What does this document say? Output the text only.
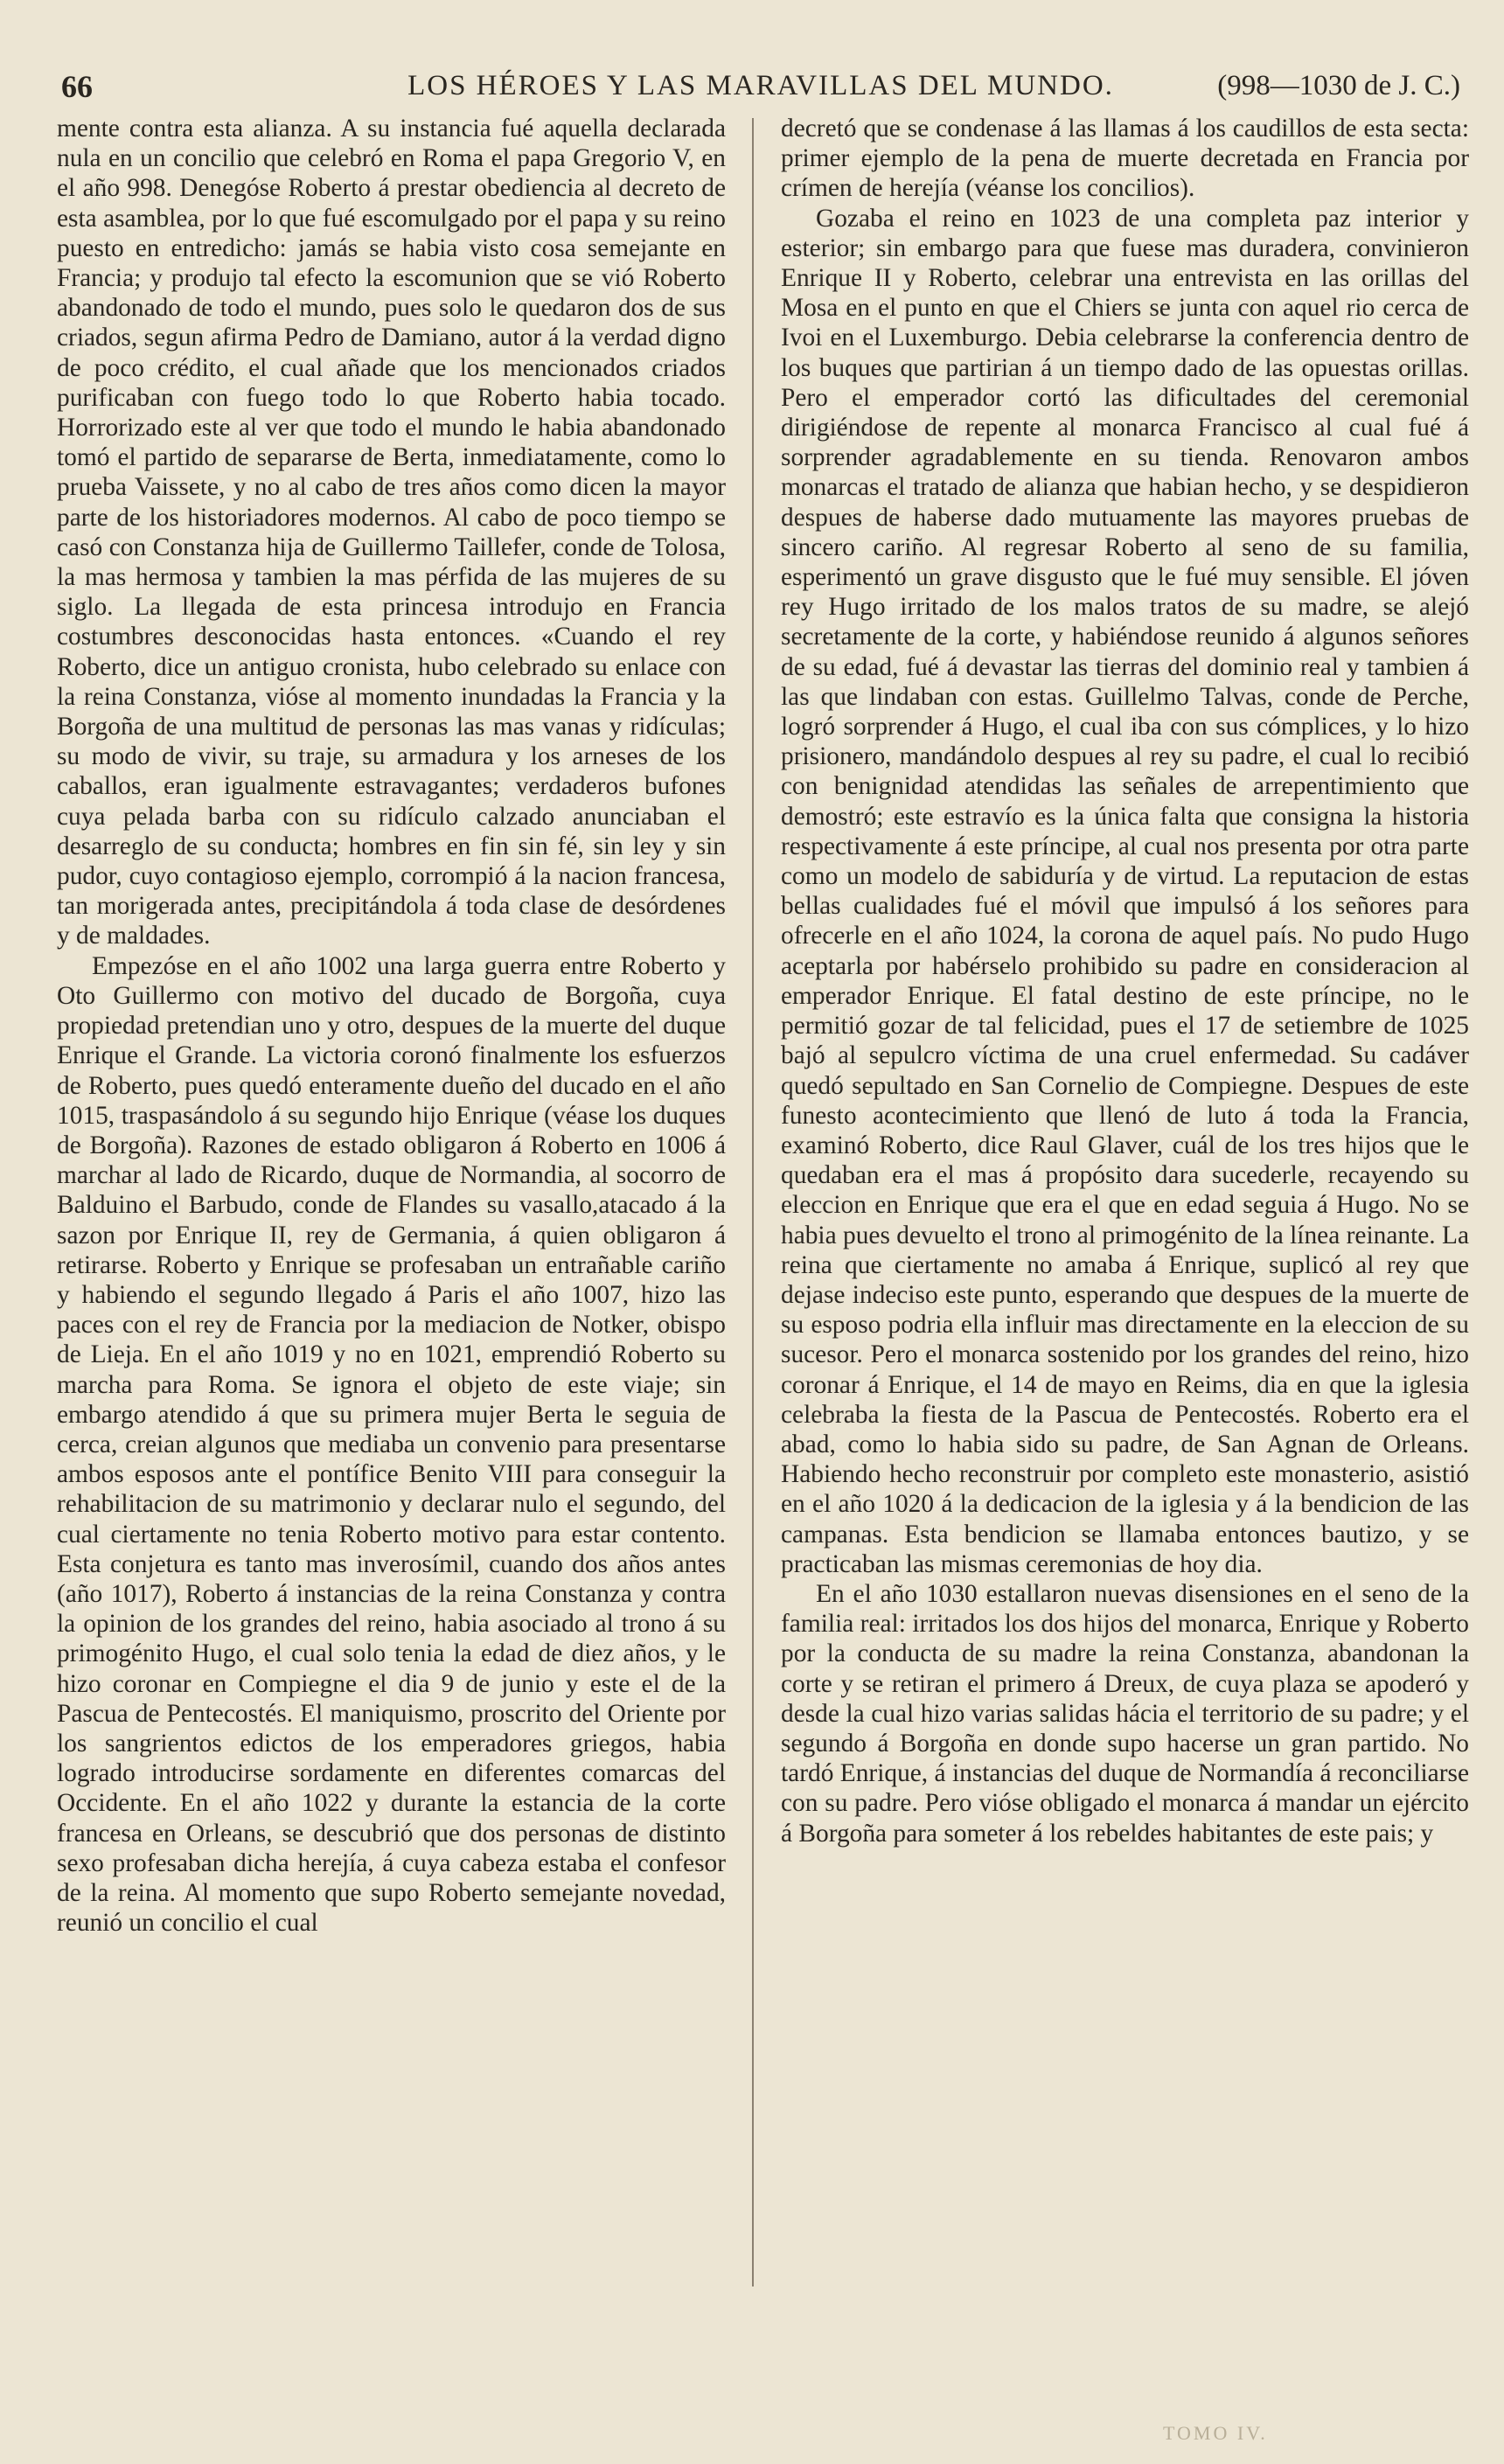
66	LOS HÉROES Y LAS MARAVILLAS DEL MUNDO.	(998—1030 de J. C.)

mente contra esta alianza. A su instancia fué aquella declarada nula en un concilio que celebró en Roma el papa Gregorio V, en el año 998. Denegóse Roberto á prestar obediencia al decreto de esta asamblea, por lo que fué escomulgado por el papa y su reino puesto en entredicho: jamás se habia visto cosa semejante en Francia; y produjo tal efecto la escomunion que se vió Roberto abandonado de todo el mundo, pues solo le quedaron dos de sus criados, segun afirma Pedro de Damiano, autor á la verdad digno de poco crédito, el cual añade que los mencionados criados purificaban con fuego todo lo que Roberto habia tocado. Horrorizado este al ver que todo el mundo le habia abandonado tomó el partido de separarse de Berta, inmediatamente, como lo prueba Vaissete, y no al cabo de tres años como dicen la mayor parte de los historiadores modernos. Al cabo de poco tiempo se casó con Constanza hija de Guillermo Taillefer, conde de Tolosa, la mas hermosa y tambien la mas pérfida de las mujeres de su siglo. La llegada de esta princesa introdujo en Francia costumbres desconocidas hasta entonces. «Cuando el rey Roberto, dice un antiguo cronista, hubo celebrado su enlace con la reina Constanza, vióse al momento inundadas la Francia y la Borgoña de una multitud de personas las mas vanas y ridículas; su modo de vivir, su traje, su armadura y los arneses de los caballos, eran igualmente estravagantes; verdaderos bufones cuya pelada barba con su ridículo calzado anunciaban el desarreglo de su conducta; hombres en fin sin fé, sin ley y sin pudor, cuyo contagioso ejemplo, corrompió á la nacion francesa, tan morigerada antes, precipitándola á toda clase de desórdenes y de maldades.

Empezóse en el año 1002 una larga guerra entre Roberto y Oto Guillermo con motivo del ducado de Borgoña, cuya propiedad pretendian uno y otro, despues de la muerte del duque Enrique el Grande. La victoria coronó finalmente los esfuerzos de Roberto, pues quedó enteramente dueño del ducado en el año 1015, traspasándolo á su segundo hijo Enrique (véase los duques de Borgoña). Razones de estado obligaron á Roberto en 1006 á marchar al lado de Ricardo, duque de Normandia, al socorro de Balduino el Barbudo, conde de Flandes su vasallo,atacado á la sazon por Enrique II, rey de Germania, á quien obligaron á retirarse. Roberto y Enrique se profesaban un entrañable cariño y habiendo el segundo llegado á Paris el año 1007, hizo las paces con el rey de Francia por la mediacion de Notker, obispo de Lieja. En el año 1019 y no en 1021, emprendió Roberto su marcha para Roma. Se ignora el objeto de este viaje; sin embargo atendido á que su primera mujer Berta le seguia de cerca, creian algunos que mediaba un convenio para presentarse ambos esposos ante el pontífice Benito VIII para conseguir la rehabilitacion de su matrimonio y declarar nulo el segundo, del cual ciertamente no tenia Roberto motivo para estar contento. Esta conjetura es tanto mas inverosímil, cuando dos años antes (año 1017), Roberto á instancias de la reina Constanza y contra la opinion de los grandes del reino, habia asociado al trono á su primogénito Hugo, el cual solo tenia la edad de diez años, y le hizo coronar en Compiegne el dia 9 de junio y este el de la Pascua de Pentecostés. El maniquismo, proscrito del Oriente por los sangrientos edictos de los emperadores griegos, habia logrado introducirse sordamente en diferentes comarcas del Occidente. En el año 1022 y durante la estancia de la corte francesa en Orleans, se descubrió que dos personas de distinto sexo profesaban dicha herejía, á cuya cabeza estaba el confesor de la reina. Al momento que supo Roberto semejante novedad, reunió un concilio el cual

decretó que se condenase á las llamas á los caudillos de esta secta: primer ejemplo de la pena de muerte decretada en Francia por crímen de herejía (véanse los concilios).

Gozaba el reino en 1023 de una completa paz interior y esterior; sin embargo para que fuese mas duradera, convinieron Enrique II y Roberto, celebrar una entrevista en las orillas del Mosa en el punto en que el Chiers se junta con aquel rio cerca de Ivoi en el Luxemburgo. Debia celebrarse la conferencia dentro de los buques que partirian á un tiempo dado de las opuestas orillas. Pero el emperador cortó las dificultades del ceremonial dirigiéndose de repente al monarca Francisco al cual fué á sorprender agradablemente en su tienda. Renovaron ambos monarcas el tratado de alianza que habian hecho, y se despidieron despues de haberse dado mutuamente las mayores pruebas de sincero cariño. Al regresar Roberto al seno de su familia, esperimentó un grave disgusto que le fué muy sensible. El jóven rey Hugo irritado de los malos tratos de su madre, se alejó secretamente de la corte, y habiéndose reunido á algunos señores de su edad, fué á devastar las tierras del dominio real y tambien á las que lindaban con estas. Guillelmo Talvas, conde de Perche, logró sorprender á Hugo, el cual iba con sus cómplices, y lo hizo prisionero, mandándolo despues al rey su padre, el cual lo recibió con benignidad atendidas las señales de arrepentimiento que demostró; este estravío es la única falta que consigna la historia respectivamente á este príncipe, al cual nos presenta por otra parte como un modelo de sabiduría y de virtud. La reputacion de estas bellas cualidades fué el móvil que impulsó á los señores para ofrecerle en el año 1024, la corona de aquel país. No pudo Hugo aceptarla por habérselo prohibido su padre en consideracion al emperador Enrique. El fatal destino de este príncipe, no le permitió gozar de tal felicidad, pues el 17 de setiembre de 1025 bajó al sepulcro víctima de una cruel enfermedad. Su cadáver quedó sepultado en San Cornelio de Compiegne. Despues de este funesto acontecimiento que llenó de luto á toda la Francia, examinó Roberto, dice Raul Glaver, cuál de los tres hijos que le quedaban era el mas á propósito dara sucederle, recayendo su eleccion en Enrique que era el que en edad seguia á Hugo. No se habia pues devuelto el trono al primogénito de la línea reinante. La reina que ciertamente no amaba á Enrique, suplicó al rey que dejase indeciso este punto, esperando que despues de la muerte de su esposo podria ella influir mas directamente en la eleccion de su sucesor. Pero el monarca sostenido por los grandes del reino, hizo coronar á Enrique, el 14 de mayo en Reims, dia en que la iglesia celebraba la fiesta de la Pascua de Pentecostés. Roberto era el abad, como lo habia sido su padre, de San Agnan de Orleans. Habiendo hecho reconstruir por completo este monasterio, asistió en el año 1020 á la dedicacion de la iglesia y á la bendicion de las campanas. Esta bendicion se llamaba entonces bautizo, y se practicaban las mismas ceremonias de hoy dia.

En el año 1030 estallaron nuevas disensiones en el seno de la familia real: irritados los dos hijos del monarca, Enrique y Roberto por la conducta de su madre la reina Constanza, abandonan la corte y se retiran el primero á Dreux, de cuya plaza se apoderó y desde la cual hizo varias salidas hácia el territorio de su padre; y el segundo á Borgoña en donde supo hacerse un gran partido. No tardó Enrique, á instancias del duque de Normandía á reconciliarse con su padre. Pero vióse obligado el monarca á mandar un ejército á Borgoña para someter á los rebeldes habitantes de este pais; y

TOMO IV.
